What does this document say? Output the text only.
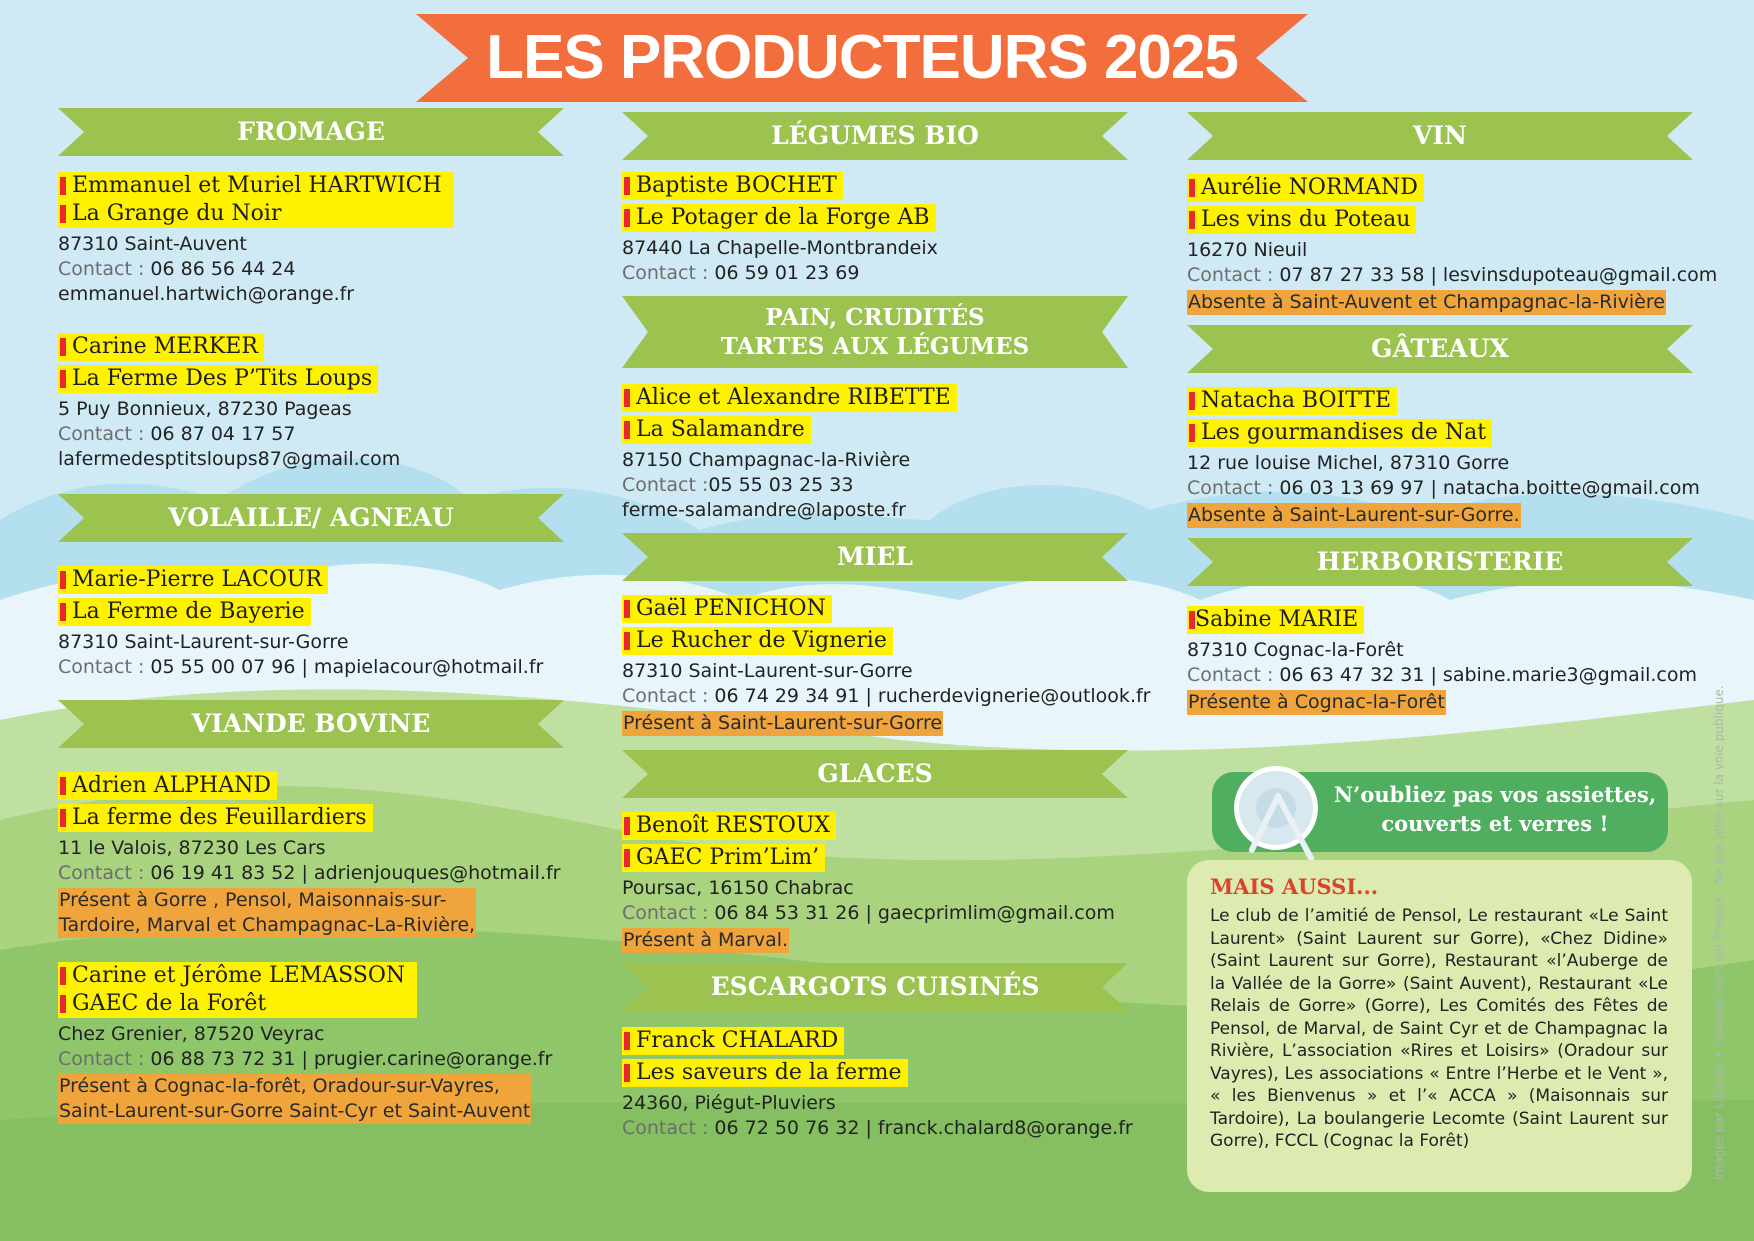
LES PRODUCTEURS 2025
FROMAGE
Emmanuel et Muriel HARTWICH
La Grange du Noir
87310 Saint-Auvent
Contact : 06 86 56 44 24
emmanuel.hartwich@orange.fr
Carine MERKER
La Ferme Des P’Tits Loups
5 Puy Bonnieux, 87230 Pageas
Contact : 06 87 04 17 57
lafermedesptitsloups87@gmail.com
VOLAILLE/ AGNEAU
Marie-Pierre LACOUR
La Ferme de Bayerie
87310 Saint-Laurent-sur-Gorre
Contact : 05 55 00 07 96 | mapielacour@hotmail.fr
VIANDE BOVINE
Adrien ALPHAND
La ferme des Feuillardiers
11 le Valois, 87230 Les Cars
Contact : 06 19 41 83 52 | adrienjouques@hotmail.fr
Présent à Gorre , Pensol, Maisonnais-sur-
Tardoire, Marval et Champagnac-La-Rivière,
Carine et Jérôme LEMASSON
GAEC de la Forêt
Chez Grenier, 87520 Veyrac
Contact : 06 88 73 72 31 | prugier.carine@orange.fr
Présent à Cognac-la-forêt, Oradour-sur-Vayres,
Saint-Laurent-sur-Gorre Saint-Cyr et Saint-Auvent
LÉGUMES BIO
Baptiste BOCHET
Le Potager de la Forge AB
87440 La Chapelle-Montbrandeix
Contact : 06 59 01 23 69
PAIN, CRUDITÉS
TARTES AUX LÉGUMES
Alice et Alexandre RIBETTE
La Salamandre
87150 Champagnac-la-Rivière
Contact :05 55 03 25 33
ferme-salamandre@laposte.fr
MIEL
Gaël PENICHON
Le Rucher de Vignerie
87310 Saint-Laurent-sur-Gorre
Contact : 06 74 29 34 91 | rucherdevignerie@outlook.fr
Présent à Saint-Laurent-sur-Gorre
GLACES
Benoît RESTOUX
GAEC Prim’Lim’
Poursac, 16150 Chabrac
Contact : 06 84 53 31 26 | gaecprimlim@gmail.com
Présent à Marval.
ESCARGOTS CUISINÉS
Franck CHALARD
Les saveurs de la ferme
24360, Piégut-Pluviers
Contact : 06 72 50 76 32 | franck.chalard8@orange.fr
VIN
Aurélie NORMAND
Les vins du Poteau
16270 Nieuil
Contact : 07 87 27 33 58 | lesvinsdupoteau@gmail.com
Absente à Saint-Auvent et Champagnac-la-Rivière
GÂTEAUX
Natacha BOITTE
Les gourmandises de Nat
12 rue louise Michel, 87310 Gorre
Contact : 06 03 13 69 97 | natacha.boitte@gmail.com
Absente à Saint-Laurent-sur-Gorre.
HERBORISTERIE
Sabine MARIE
87310 Cognac-la-Forêt
Contact : 06 63 47 32 31 | sabine.marie3@gmail.com
Présente à Cognac-la-Forêt
N’oubliez pas vos assiettes,
couverts et verres !
MAIS AUSSI...
Le club de l’amitié de Pensol, Le restaurant «Le Saint Laurent» (Saint Laurent sur Gorre), «Chez Didine» (Saint Laurent sur Gorre), Restaurant «l’Auberge de la Vallée de la Gorre» (Saint Auvent), Restaurant «Le Relais de Gorre» (Gorre), Les Comités des Fêtes de Pensol, de Marval, de Saint Cyr et de Champagnac la Rivière, L’association «Rires et Loisirs» (Oradour sur Vayres), Les associations « Entre l’Herbe et le Vent », « les Bienvenus » et l’« ACCA » (Maisonnais sur Tardoire), La boulangerie Lecomte (Saint Laurent sur Gorre), FCCL (Cognac la Forêt)	Images par L.David + rawpixel.com sur Freepik - Ne pas jeter sur la voie publique.
